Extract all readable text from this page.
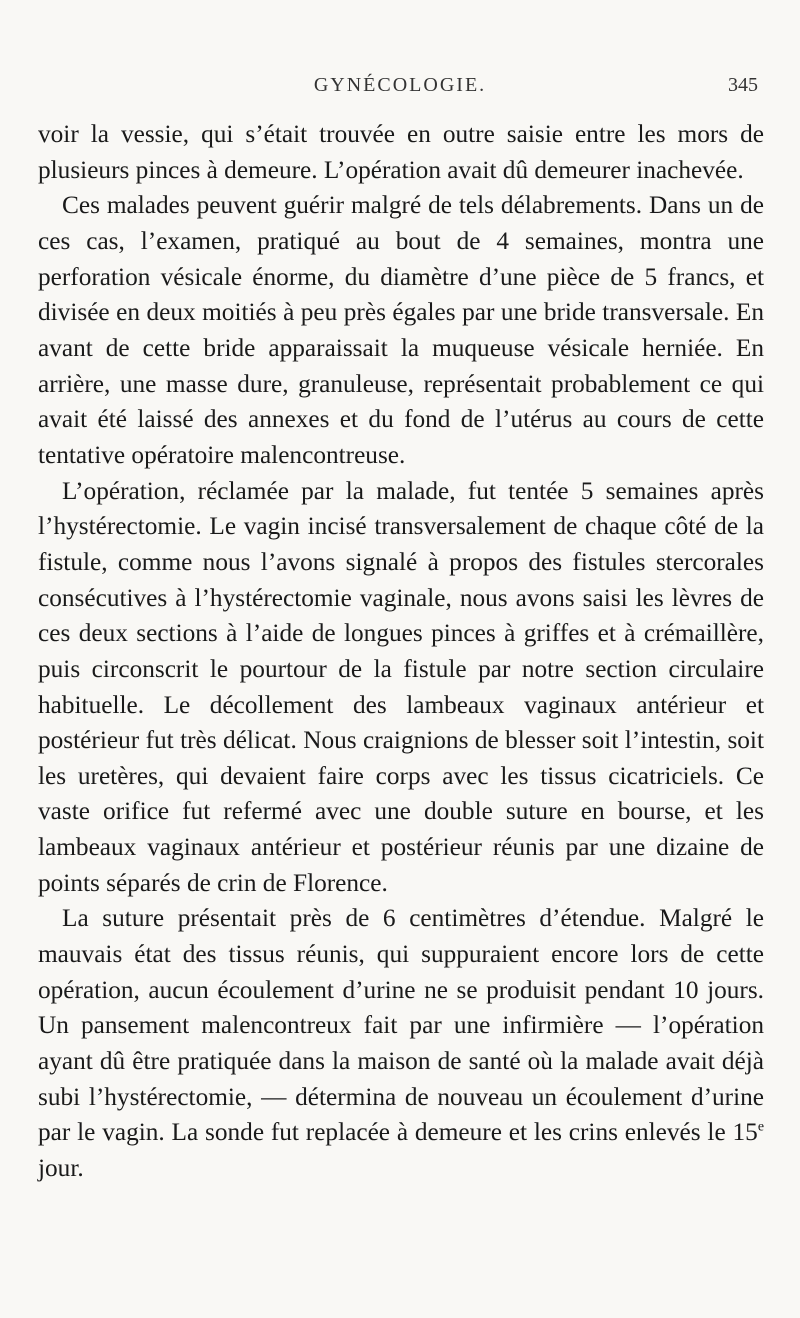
GYNÉCOLOGIE.	345

voir la vessie, qui s’était trouvée en outre saisie entre les mors de plusieurs pinces à demeure. L’opération avait dû demeurer inachevée.

Ces malades peuvent guérir malgré de tels délabrements. Dans un de ces cas, l’examen, pratiqué au bout de 4 semaines, montra une perforation vésicale énorme, du diamètre d’une pièce de 5 francs, et divisée en deux moitiés à peu près égales par une bride transversale. En avant de cette bride apparaissait la muqueuse vésicale herniée. En arrière, une masse dure, granuleuse, représentait probablement ce qui avait été laissé des annexes et du fond de l’utérus au cours de cette tentative opératoire malencontreuse.

L’opération, réclamée par la malade, fut tentée 5 semaines après l’hystérectomie. Le vagin incisé transversalement de chaque côté de la fistule, comme nous l’avons signalé à propos des fistules stercorales consécutives à l’hystérectomie vaginale, nous avons saisi les lèvres de ces deux sections à l’aide de longues pinces à griffes et à crémaillère, puis circonscrit le pourtour de la fistule par notre section circulaire habituelle. Le décollement des lambeaux vaginaux antérieur et postérieur fut très délicat. Nous craignions de blesser soit l’intestin, soit les uretères, qui devaient faire corps avec les tissus cicatriciels. Ce vaste orifice fut refermé avec une double suture en bourse, et les lambeaux vaginaux antérieur et postérieur réunis par une dizaine de points séparés de crin de Florence.

La suture présentait près de 6 centimètres d’étendue. Malgré le mauvais état des tissus réunis, qui suppuraient encore lors de cette opération, aucun écoulement d’urine ne se produisit pendant 10 jours. Un pansement malencontreux fait par une infirmière — l’opération ayant dû être pratiquée dans la maison de santé où la malade avait déjà subi l’hystérectomie, — détermina de nouveau un écoulement d’urine par le vagin. La sonde fut replacée à demeure et les crins enlevés le 15e jour.
